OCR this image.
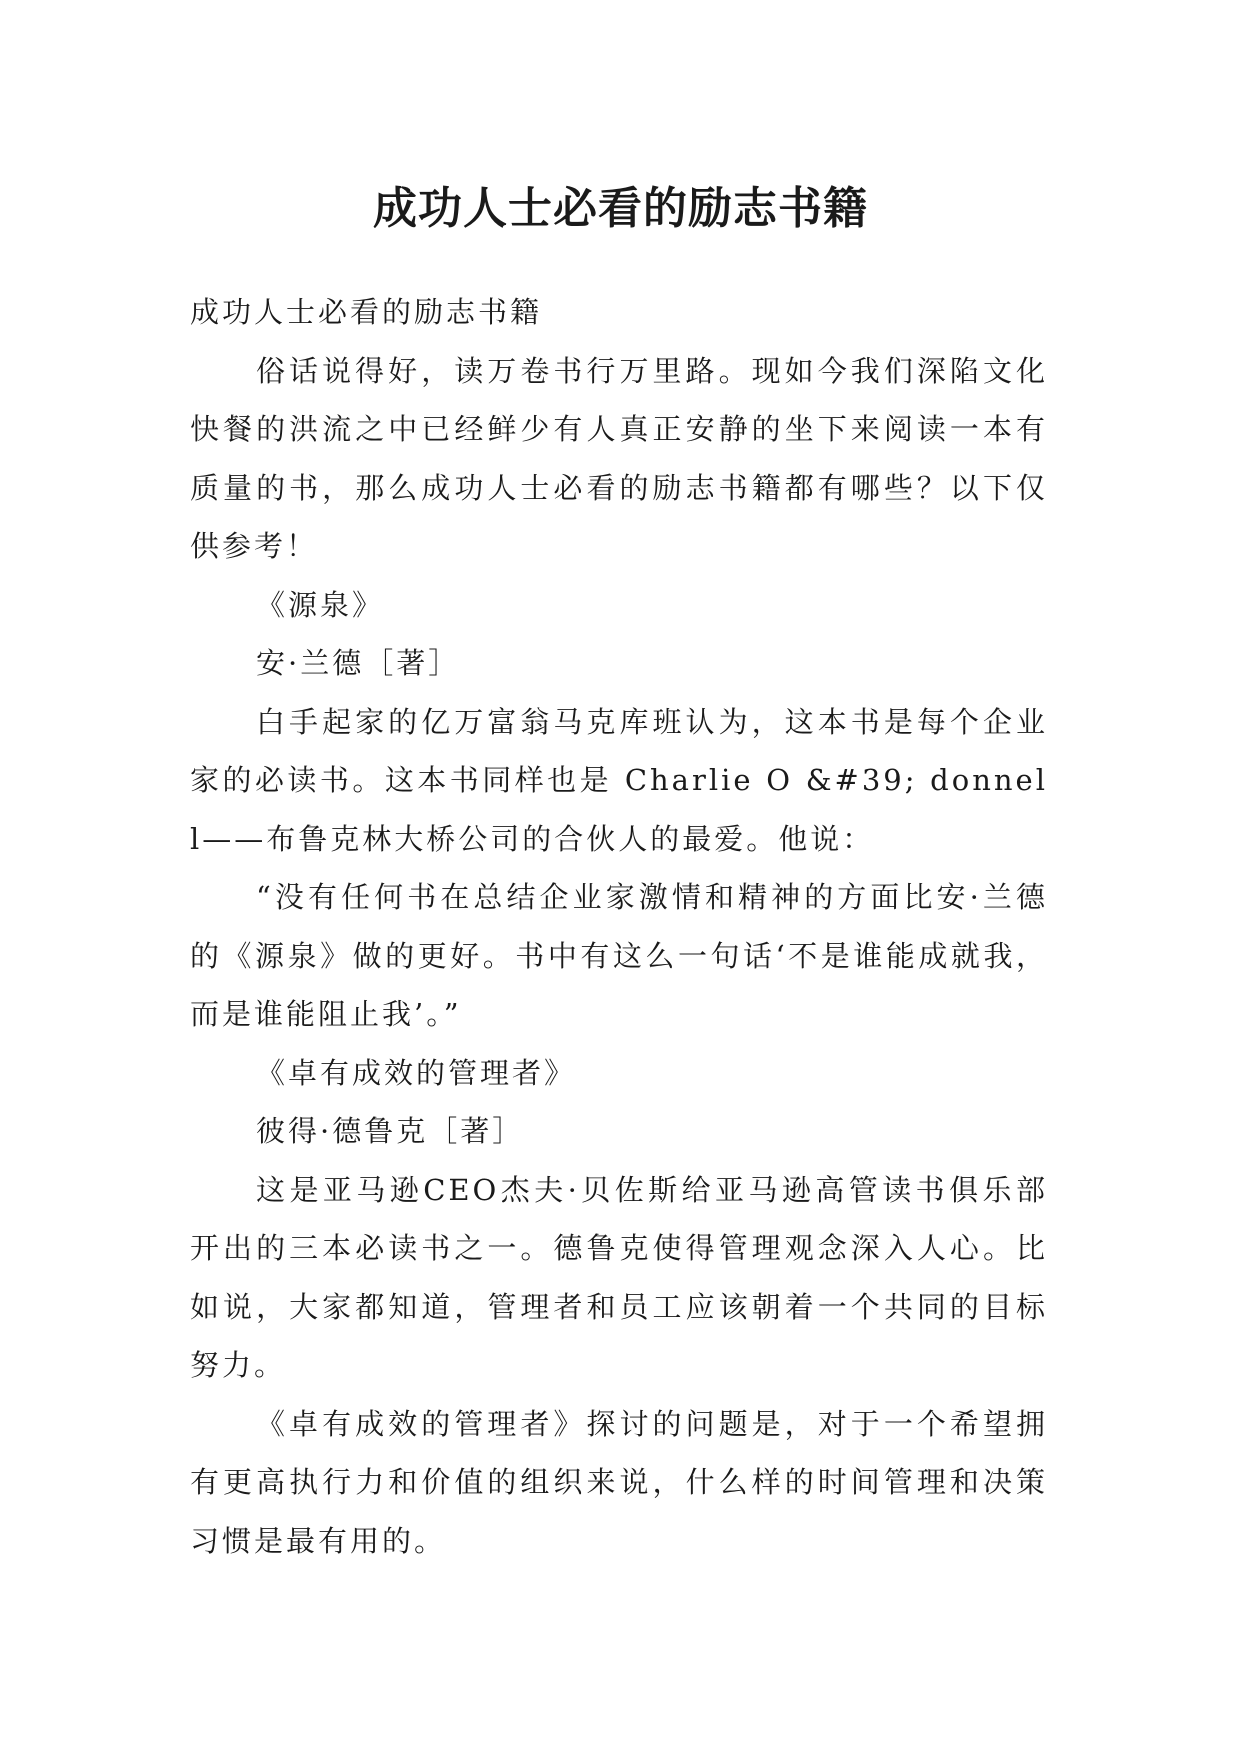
成功人士必看的励志书籍

成功人士必看的励志书籍

俗话说得好，读万卷书行万里路。现如今我们深陷文化快餐的洪流之中已经鲜少有人真正安静的坐下来阅读一本有质量的书，那么成功人士必看的励志书籍都有哪些？以下仅供参考！

《源泉》

安·兰德［著］

白手起家的亿万富翁马克库班认为，这本书是每个企业家的必读书。这本书同样也是 Charlie O &#39; donnell——布鲁克林大桥公司的合伙人的最爱。他说：

“没有任何书在总结企业家激情和精神的方面比安·兰德的《源泉》做的更好。书中有这么一句话‘不是谁能成就我，而是谁能阻止我’。”

《卓有成效的管理者》

彼得·德鲁克［著］

这是亚马逊CEO杰夫·贝佐斯给亚马逊高管读书俱乐部开出的三本必读书之一。德鲁克使得管理观念深入人心。比如说，大家都知道，管理者和员工应该朝着一个共同的目标努力。

《卓有成效的管理者》探讨的问题是，对于一个希望拥有更高执行力和价值的组织来说，什么样的时间管理和决策习惯是最有用的。
